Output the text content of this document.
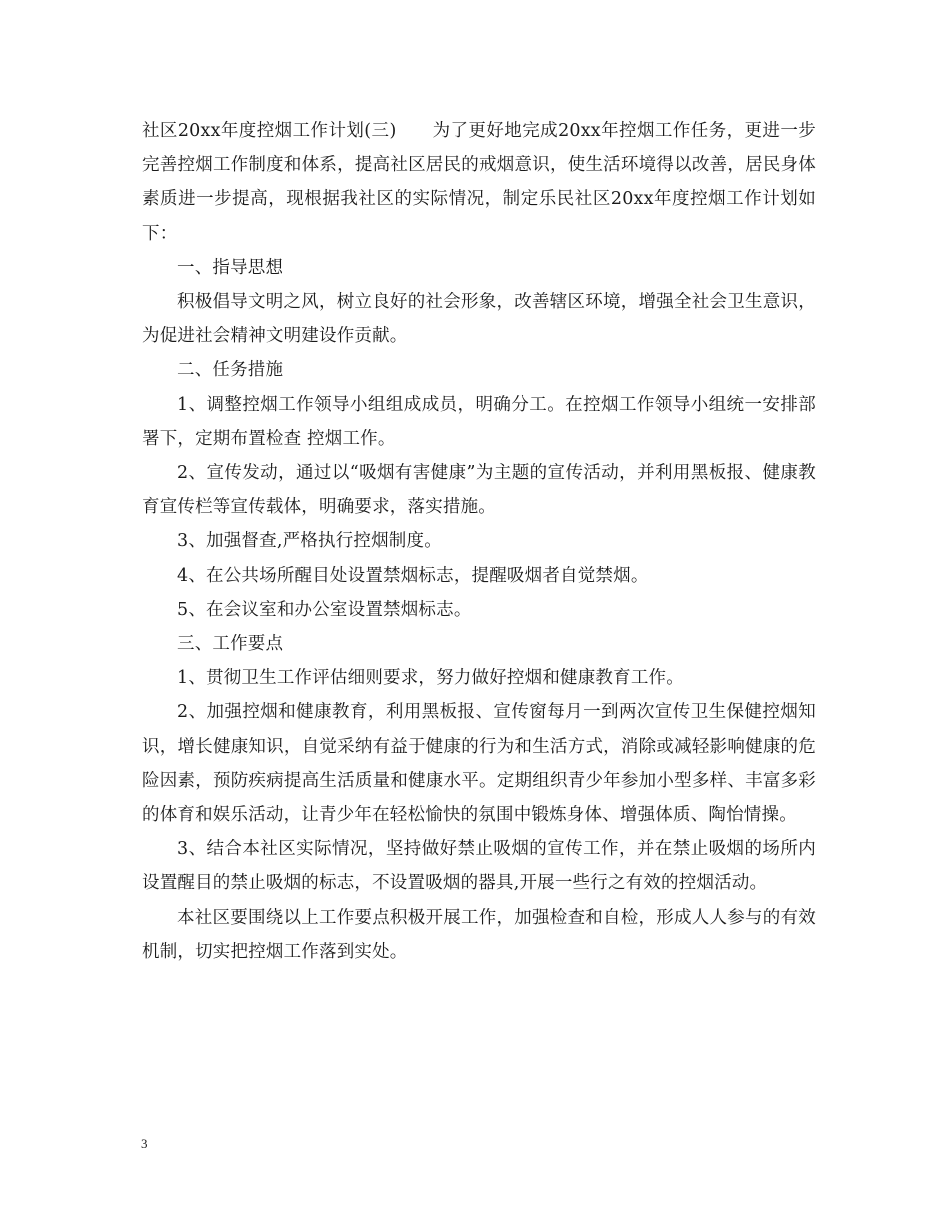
社区20xx年度控烟工作计划(三)　　为了更好地完成20xx年控烟工作任务，更进一步完善控烟工作制度和体系，提高社区居民的戒烟意识，使生活环境得以改善，居民身体素质进一步提高，现根据我社区的实际情况，制定乐民社区20xx年度控烟工作计划如下：

一、指导思想

积极倡导文明之风，树立良好的社会形象，改善辖区环境，增强全社会卫生意识，为促进社会精神文明建设作贡献。

二、任务措施

1、调整控烟工作领导小组组成成员，明确分工。在控烟工作领导小组统一安排部署下，定期布置检查 控烟工作。

2、宣传发动，通过以“吸烟有害健康”为主题的宣传活动，并利用黑板报、健康教育宣传栏等宣传载体，明确要求，落实措施。

3、加强督查,严格执行控烟制度。

4、在公共场所醒目处设置禁烟标志，提醒吸烟者自觉禁烟。

5、在会议室和办公室设置禁烟标志。

三、工作要点

1、贯彻卫生工作评估细则要求，努力做好控烟和健康教育工作。

2、加强控烟和健康教育，利用黑板报、宣传窗每月一到两次宣传卫生保健控烟知识，增长健康知识，自觉采纳有益于健康的行为和生活方式，消除或减轻影响健康的危险因素，预防疾病提高生活质量和健康水平。定期组织青少年参加小型多样、丰富多彩的体育和娱乐活动，让青少年在轻松愉快的氛围中锻炼身体、增强体质、陶怡情操。

3、结合本社区实际情况，坚持做好禁止吸烟的宣传工作，并在禁止吸烟的场所内设置醒目的禁止吸烟的标志，不设置吸烟的器具,开展一些行之有效的控烟活动。

本社区要围绕以上工作要点积极开展工作，加强检查和自检，形成人人参与的有效机制，切实把控烟工作落到实处。

3
